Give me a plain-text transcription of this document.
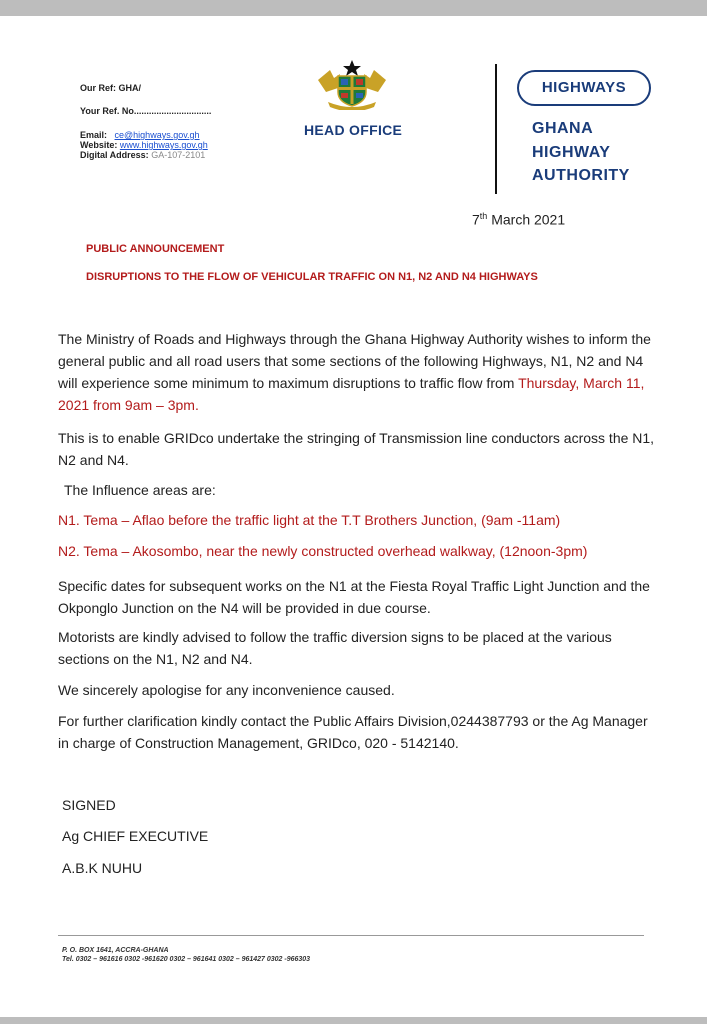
Our Ref: GHA/
Your Ref. No...............................
Email: ce@highways.gov.gh
Website: www.highways.gov.gh
Digital Address: GA-107-2101
HEAD OFFICE
HIGHWAYS
GHANA
HIGHWAY
AUTHORITY
7th March 2021
PUBLIC ANNOUNCEMENT
DISRUPTIONS TO THE FLOW OF VEHICULAR TRAFFIC ON N1, N2 AND N4 HIGHWAYS
The Ministry of Roads and Highways through the Ghana Highway Authority wishes to inform the general public and all road users that some sections of the following Highways, N1, N2 and N4 will experience some minimum to maximum disruptions to traffic flow from Thursday, March 11, 2021 from 9am – 3pm.
This is to enable GRIDco undertake the stringing of Transmission line conductors across the N1, N2 and N4.
The Influence areas are:
N1. Tema – Aflao before the traffic light at the T.T Brothers Junction, (9am -11am)
N2. Tema – Akosombo, near the newly constructed overhead walkway, (12noon-3pm)
Specific dates for subsequent works on the N1 at the Fiesta Royal Traffic Light Junction and the Okponglo Junction on the N4 will be provided in due course.
Motorists are kindly advised to follow the traffic diversion signs to be placed at the various sections on the N1, N2 and N4.
We sincerely apologise for any inconvenience caused.
For further clarification kindly contact the Public Affairs Division,0244387793 or the Ag Manager in charge of Construction Management, GRIDco, 020 - 5142140.
SIGNED
Ag CHIEF EXECUTIVE
A.B.K NUHU
P. O. BOX 1641, ACCRA-GHANA
Tel. 0302 – 961616 0302 -961620 0302 – 961641 0302 – 961427 0302 -966303
